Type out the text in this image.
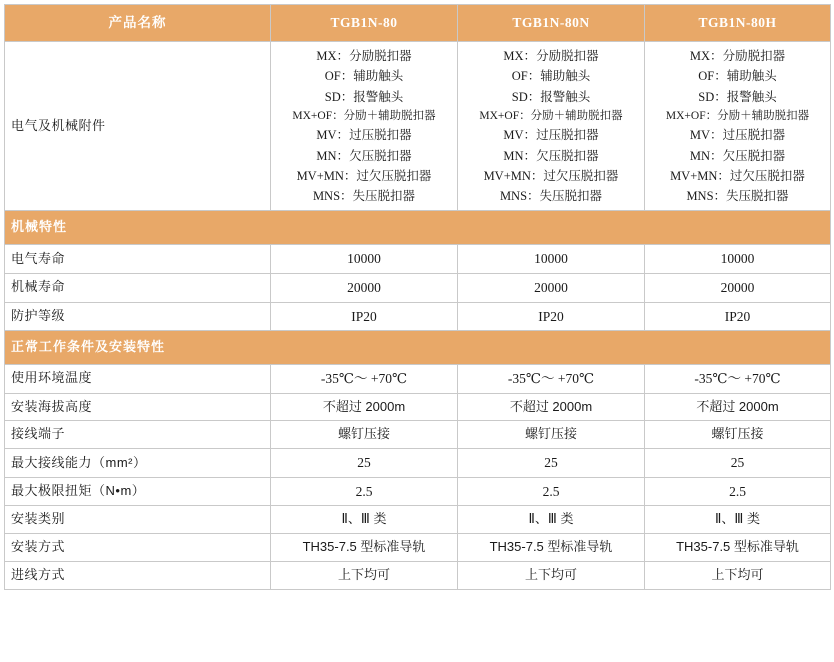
产品名称	TGB1N-80	TGB1N-80N	TGB1N-80H
电气及机械附件	
MX：分励脱扣器
OF：辅助触头
SD：报警触头
MX+OF：分励＋辅助脱扣器
MV：过压脱扣器
MN：欠压脱扣器
MV+MN：过欠压脱扣器
MNS：失压脱扣器

MX：分励脱扣器
OF：辅助触头
SD：报警触头
MX+OF：分励＋辅助脱扣器
MV：过压脱扣器
MN：欠压脱扣器
MV+MN：过欠压脱扣器
MNS：失压脱扣器

MX：分励脱扣器
OF：辅助触头
SD：报警触头
MX+OF：分励＋辅助脱扣器
MV：过压脱扣器
MN：欠压脱扣器
MV+MN：过欠压脱扣器
MNS：失压脱扣器

机械特性			
电气寿命	10000	10000	10000
机械寿命	20000	20000	20000
防护等级	IP20	IP20	IP20
正常工作条件及安装特性			
使用环境温度	-35℃～ +70℃	-35℃～ +70℃	-35℃～ +70℃
安装海拔高度	不超过 2000m	不超过 2000m	不超过 2000m
接线端子	螺钉压接	螺钉压接	螺钉压接
最大接线能力（mm²）	25	25	25
最大极限扭矩（N•m）	2.5	2.5	2.5
安装类别	Ⅱ、Ⅲ 类	Ⅱ、Ⅲ 类	Ⅱ、Ⅲ 类
安装方式	TH35-7.5 型标准导轨	TH35-7.5 型标准导轨	TH35-7.5 型标准导轨
进线方式	上下均可	上下均可	上下均可
